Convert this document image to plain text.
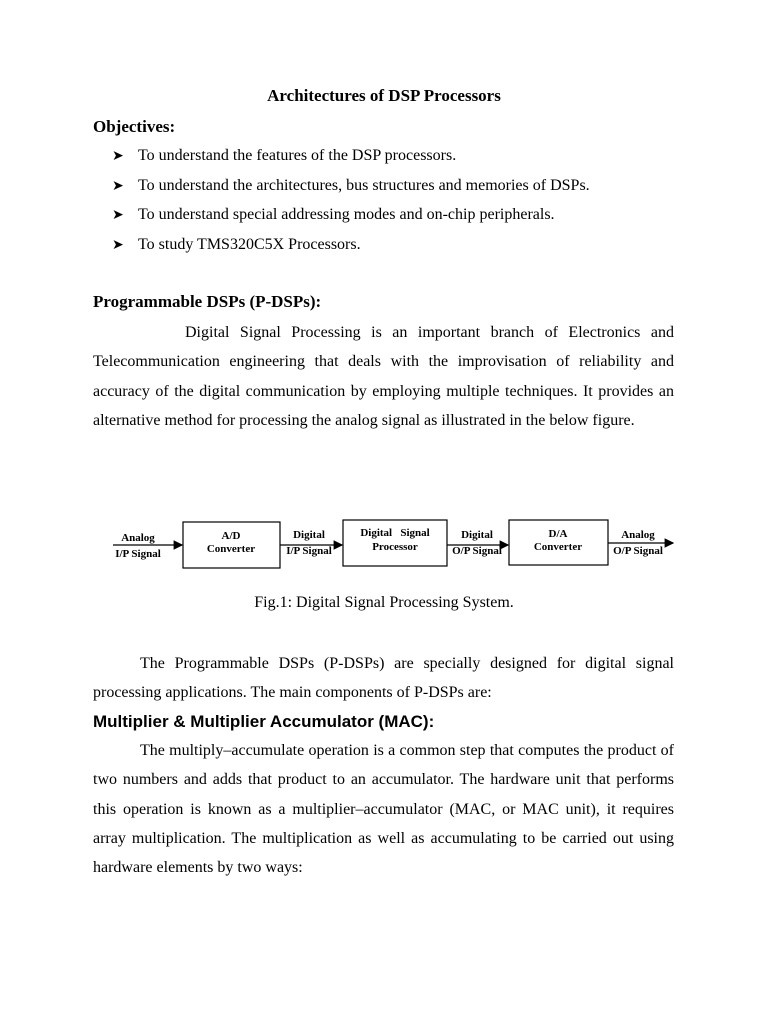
Architectures of DSP Processors
Objectives:
➤ To understand the features of the DSP processors.
➤ To understand the architectures, bus structures and memories of DSPs.
➤ To understand special addressing modes and on-chip peripherals.
➤ To study TMS320C5X Processors.
Programmable DSPs (P-DSPs):

Digital Signal Processing is an important branch of Electronics and Telecommunication engineering that deals with the improvisation of reliability and accuracy of the digital communication by employing multiple techniques. It provides an alternative method for processing the analog signal as illustrated in the below figure.

Analog
I/P Signal
A/D
Converter
Digital
I/P Signal
Digital   Signal
Processor
Digital
O/P Signal
D/A
Converter
Analog
O/P Signal
Fig.1: Digital Signal Processing System.

The Programmable DSPs (P-DSPs) are specially designed for digital signal processing applications. The main components of P-DSPs are:

Multiplier & Multiplier Accumulator (MAC):

The multiply–accumulate operation is a common step that computes the product of two numbers and adds that product to an accumulator. The hardware unit that performs this operation is known as a multiplier–accumulator (MAC, or MAC unit), it requires array multiplication. The multiplication as well as accumulating to be carried out using hardware elements by two ways:
